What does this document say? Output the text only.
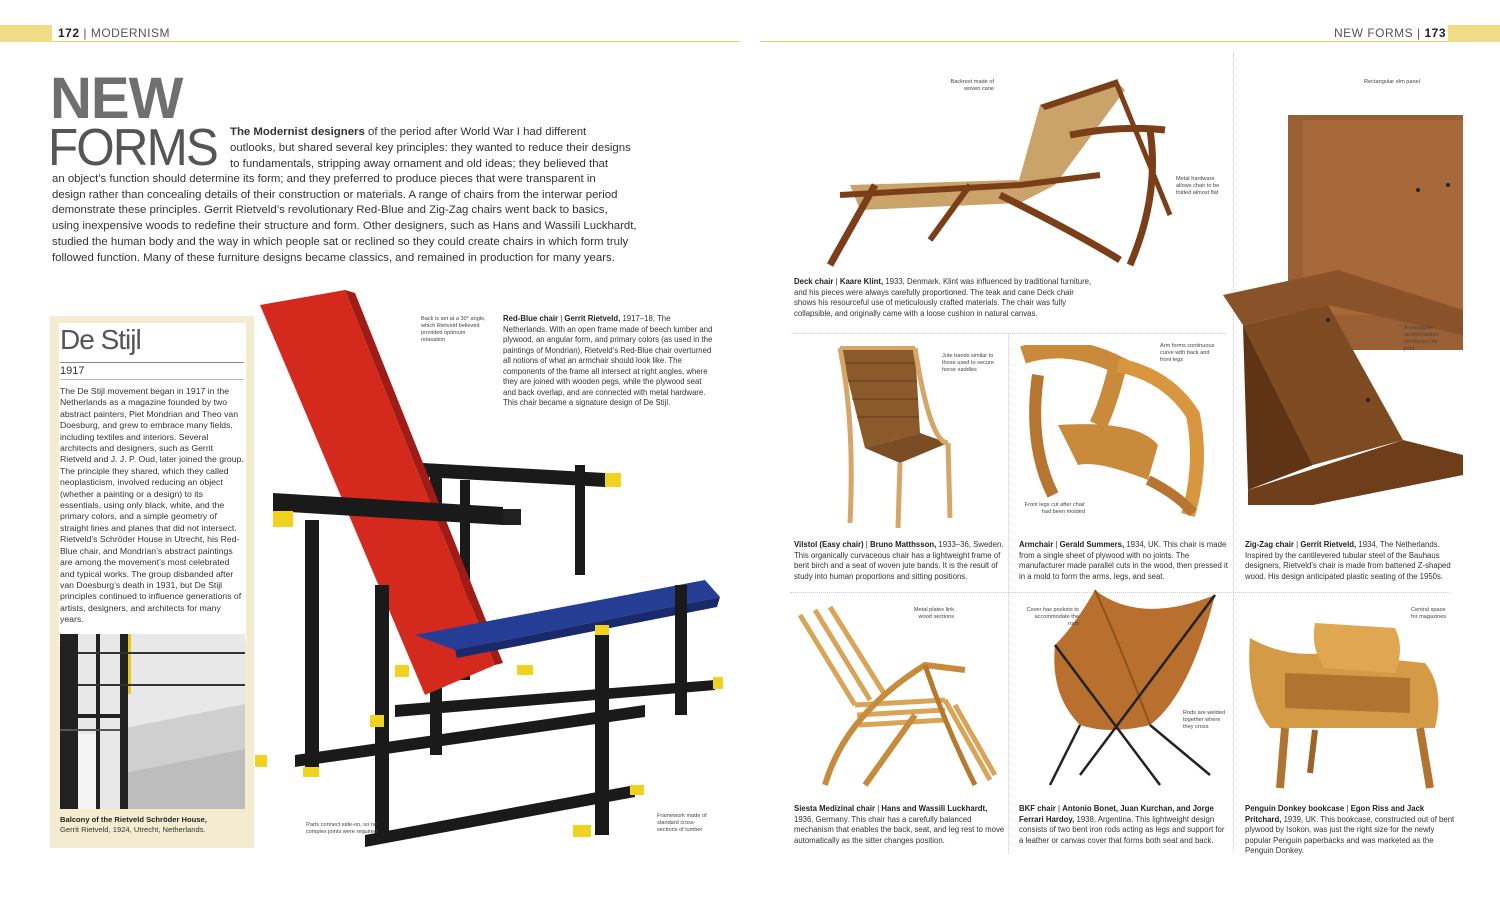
172 | MODERNISM	NEW FORMS | 173
NEW
FORMS The Modernist designers of the period after World War I had different
outlooks, but shared several key principles: they wanted to reduce their designs
to fundamentals, stripping away ornament and old ideas; they believed that
an object’s function should determine its form; and they preferred to produce pieces that were transparent in
design rather than concealing details of their construction or materials. A range of chairs from the interwar period
demonstrate these principles. Gerrit Rietveld’s revolutionary Red-Blue and Zig-Zag chairs went back to basics,
using inexpensive woods to redefine their structure and form. Other designers, such as Hans and Wassili Luckhardt,
studied the human body and the way in which people sat or reclined so they could create chairs in which form truly
followed function. Many of these furniture designs became classics, and remained in production for many years.
De Stijl
1917
The De Stijl movement began in 1917 in the Netherlands as a magazine founded by two abstract painters, Piet Mondrian and Theo van Doesburg, and grew to embrace many fields, including textiles and interiors. Several architects and designers, such as Gerrit Rietveld and J. J. P. Oud, later joined the group. The principle they shared, which they called neoplasticism, involved reducing an object (whether a painting or a design) to its essentials, using only black, white, and the primary colors, and a simple geometry of straight lines and planes that did not intersect. Rietveld’s Schröder House in Utrecht, his Red-Blue chair, and Mondrian’s abstract paintings are among the movement’s most celebrated and typical works. The group disbanded after van Doesburg’s death in 1931, but De Stijl principles continued to influence generations of artists, designers, and architects for many years.
Balcony of the Rietveld Schröder House,
Gerrit Rietveld, 1924, Utrecht, Netherlands.
Back is set at a 30° angle, which Rietveld believed provided optimum relaxation
Parts connect side-on, so no complex joints were required
Framework made of standard cross-sections of lumber
Red-Blue chair | Gerrit Rietveld, 1917–18, The Netherlands. With an open frame made of beech lumber and plywood, an angular form, and primary colors (as used in the paintings of Mondrian), Rietveld’s Red-Blue chair overturned all notions of what an armchair should look like. The components of the frame all intersect at right angles, where they are joined with wooden pegs, while the plywood seat and back overlap, and are connected with metal hardware. This chair became a signature design of De Stijl.
Backrest made of woven cane
Metal hardware allows chair to be folded almost flat
Deck chair | Kaare Klint, 1933, Denmark. Klint was influenced by traditional furniture, and his pieces were always carefully proportioned. The teak and cane Deck chair shows his resourceful use of meticulously crafted materials. The chair was fully collapsible, and originally came with a loose cushion in natural canvas.
Rectangular elm panel
A triangular-section batten reinforces the joint
Zig-Zag chair | Gerrit Rietveld, 1934, The Netherlands. Inspired by the cantilevered tubular steel of the Bauhaus designers, Rietveld’s chair is made from battened Z-shaped wood. His design anticipated plastic seating of the 1950s.
Jute bands similar to those used to secure horse saddles
Vilstol (Easy chair) | Bruno Matthsson, 1933–36, Sweden. This organically curvaceous chair has a lightweight frame of bent birch and a seat of woven jute bands. It is the result of study into human proportions and sitting positions.
Arm forms continuous curve with back and front legs
Front legs cut after chair had been molded
Armchair | Gerald Summers, 1934, UK. This chair is made from a single sheet of plywood with no joints. The manufacturer made parallel cuts in the wood, then pressed it in a mold to form the arms, legs, and seat.
Metal plates link wood sections
Siesta Medizinal chair | Hans and Wassili Luckhardt, 1936, Germany. This chair has a carefully balanced mechanism that enables the back, seat, and leg rest to move automatically as the sitter changes position.
Cover has pockets to accommodate the rods
Rods are welded together where they cross
BKF chair | Antonio Bonet, Juan Kurchan, and Jorge Ferrari Hardoy, 1938, Argentina. This lightweight design consists of two bent iron rods acting as legs and support for a leather or canvas cover that forms both seat and back.
Central space for magazines
Penguin Donkey bookcase | Egon Riss and Jack Pritchard, 1939, UK. This bookcase, constructed out of bent plywood by Isokon, was just the right size for the newly popular Penguin paperbacks and was marketed as the Penguin Donkey.
